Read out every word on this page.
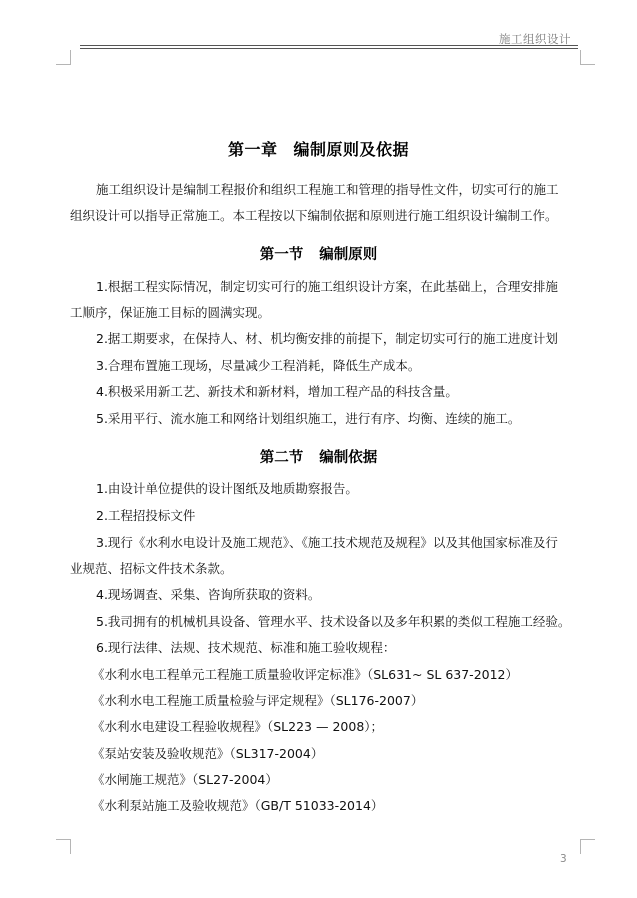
施工组织设计
第一章 编制原则及依据
施工组织设计是编制工程报价和组织工程施工和管理的指导性文件，切实可行的施工
组织设计可以指导正常施工。本工程按以下编制依据和原则进行施工组织设计编制工作。
第一节 编制原则
1.根据工程实际情况，制定切实可行的施工组织设计方案，在此基础上，合理安排施
工顺序，保证施工目标的圆满实现。
2.据工期要求，在保持人、材、机均衡安排的前提下，制定切实可行的施工进度计划
3.合理布置施工现场，尽量减少工程消耗，降低生产成本。
4.积极采用新工艺、新技术和新材料，增加工程产品的科技含量。
5.采用平行、流水施工和网络计划组织施工，进行有序、均衡、连续的施工。
第二节 编制依据
1.由设计单位提供的设计图纸及地质勘察报告。
2.工程招投标文件
3.现行《水利水电设计及施工规范》、《施工技术规范及规程》以及其他国家标准及行
业规范、招标文件技术条款。
4.现场调查、采集、咨询所获取的资料。
5.我司拥有的机械机具设备、管理水平、技术设备以及多年积累的类似工程施工经验。
6.现行法律、法规、技术规范、标准和施工验收规程：
《水利水电工程单元工程施工质量验收评定标准》（SL631~ SL 637-2012）
《水利水电工程施工质量检验与评定规程》（SL176-2007）
《水利水电建设工程验收规程》（SL223 — 2008）；
《泵站安装及验收规范》（SL317-2004）
《水闸施工规范》（SL27-2004）
《水利泵站施工及验收规范》（GB/T 51033-2014）
3
